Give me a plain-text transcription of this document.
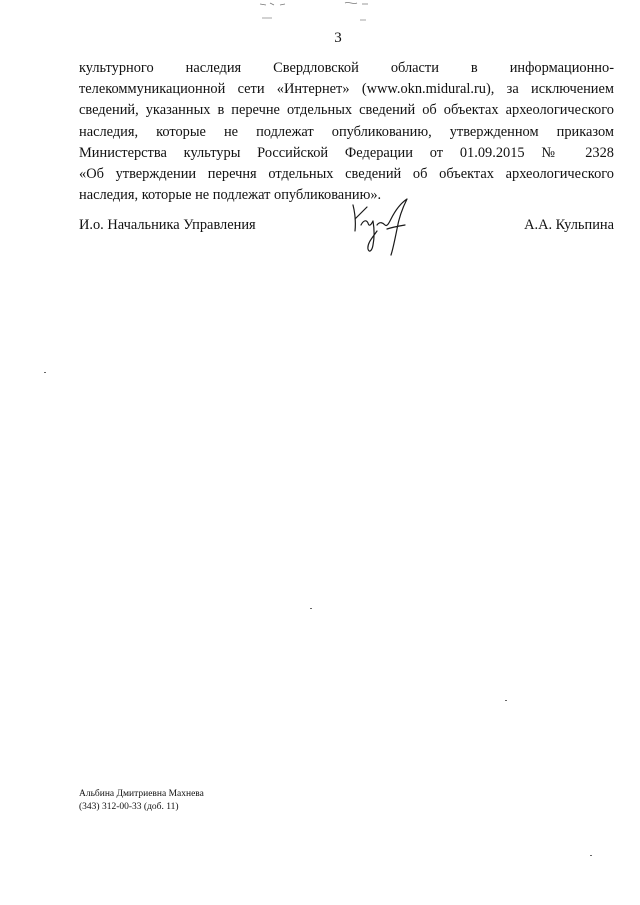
3

культурного наследия Свердловской области в информационно-
телекоммуникационной сети «Интернет» (www.okn.midural.ru), за исключением
сведений, указанных в перечне отдельных сведений об объектах археологического
наследия, которые не подлежат опубликованию, утвержденном приказом
Министерства культуры Российской Федерации от 01.09.2015 № 2328
«Об утверждении перечня отдельных сведений об объектах археологического
наследия, которые не подлежат опубликованию».

И.о. Начальника Управления	А.А. Кульпина
Альбина Дмитриевна Махнева
(343) 312-00-33 (доб. 11)
